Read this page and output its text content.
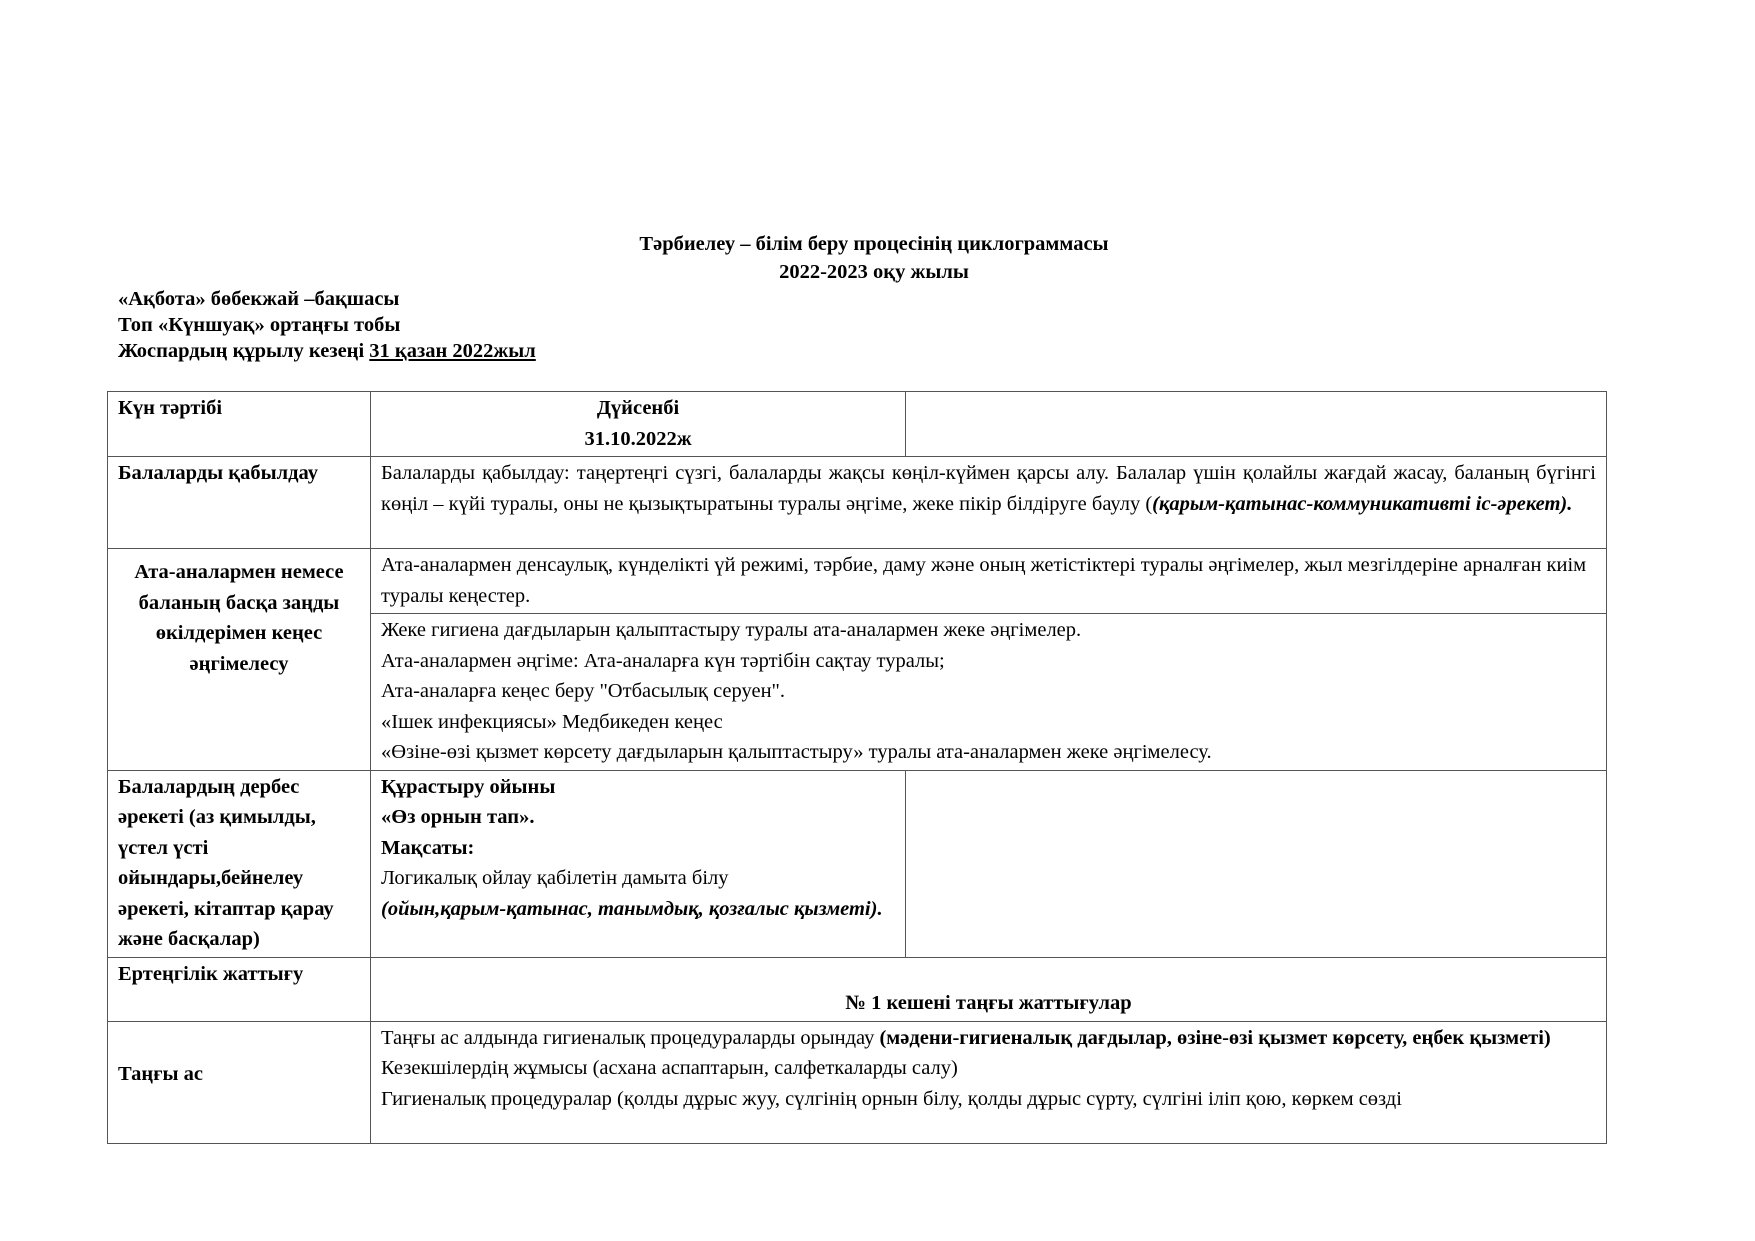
Тәрбиелеу – білім беру процесінің циклограммасы
2022-2023 оқу жылы
«Ақбота» бөбекжай –бақшасы
Топ «Күншуақ» ортаңғы тобы
Жоспардың құрылу кезеңі 31 қазан 2022жыл
Күн тәртібі	Дүйсенбі
31.10.2022ж	

Балаларды қабылдау	Балаларды қабылдау: таңертеңгі сүзгі, балаларды жақсы көңіл-күймен қарсы алу. Балалар үшін қолайлы жағдай жасау, баланың бүгінгі көңіл – күйі туралы, оны не қызықтыратыны туралы әңгіме, жеке пікір білдіруге баулу ((қарым-қатынас-коммуникативті іс-әрекет).	
Ата-аналармен немесе баланың басқа заңды өкілдерімен кеңес әңгімелесу	Ата-аналармен денсаулық, күнделікті үй режимі, тәрбие, даму және оның жетістіктері туралы әңгімелер, жыл мезгілдеріне арналған киім туралы кеңестер.	

	Жеке гигиена дағдыларын қалыптастыру туралы ата-аналармен жеке әңгімелер.
Ата-аналармен әңгіме: Ата-аналарға күн тәртібін сақтау туралы;
Ата-аналарға кеңес беру "Отбасылық серуен".
«Ішек инфекциясы» Медбикеден кеңес
«Өзіне-өзі қызмет көрсету дағдыларын қалыптастыру» туралы ата-аналармен жеке әңгімелесу.	

Балалардың дербес әрекеті (аз қимылды, үстел үсті ойындары,бейнелеу әрекеті, кітаптар қарау және басқалар)	Құрастыру ойыны
«Өз орнын тап».
Мақсаты:
Логикалық ойлау қабілетін дамыта білу
(ойын,қарым-қатынас, танымдық, қозғалыс қызметі).	

Ертеңгілік жаттығу	№ 1 кешені таңғы жаттығулар	
Таңғы ас	Таңғы ас алдында гигиеналық процедураларды орындау (мәдени-гигиеналық дағдылар, өзіне-өзі қызмет көрсету, еңбек қызметі)
Кезекшілердің жұмысы (асхана аспаптарын, салфеткаларды салу)
Гигиеналық процедуралар (қолды дұрыс жуу, сүлгінің орнын білу, қолды дұрыс сүрту, сүлгіні іліп қою, көркем сөзді	
